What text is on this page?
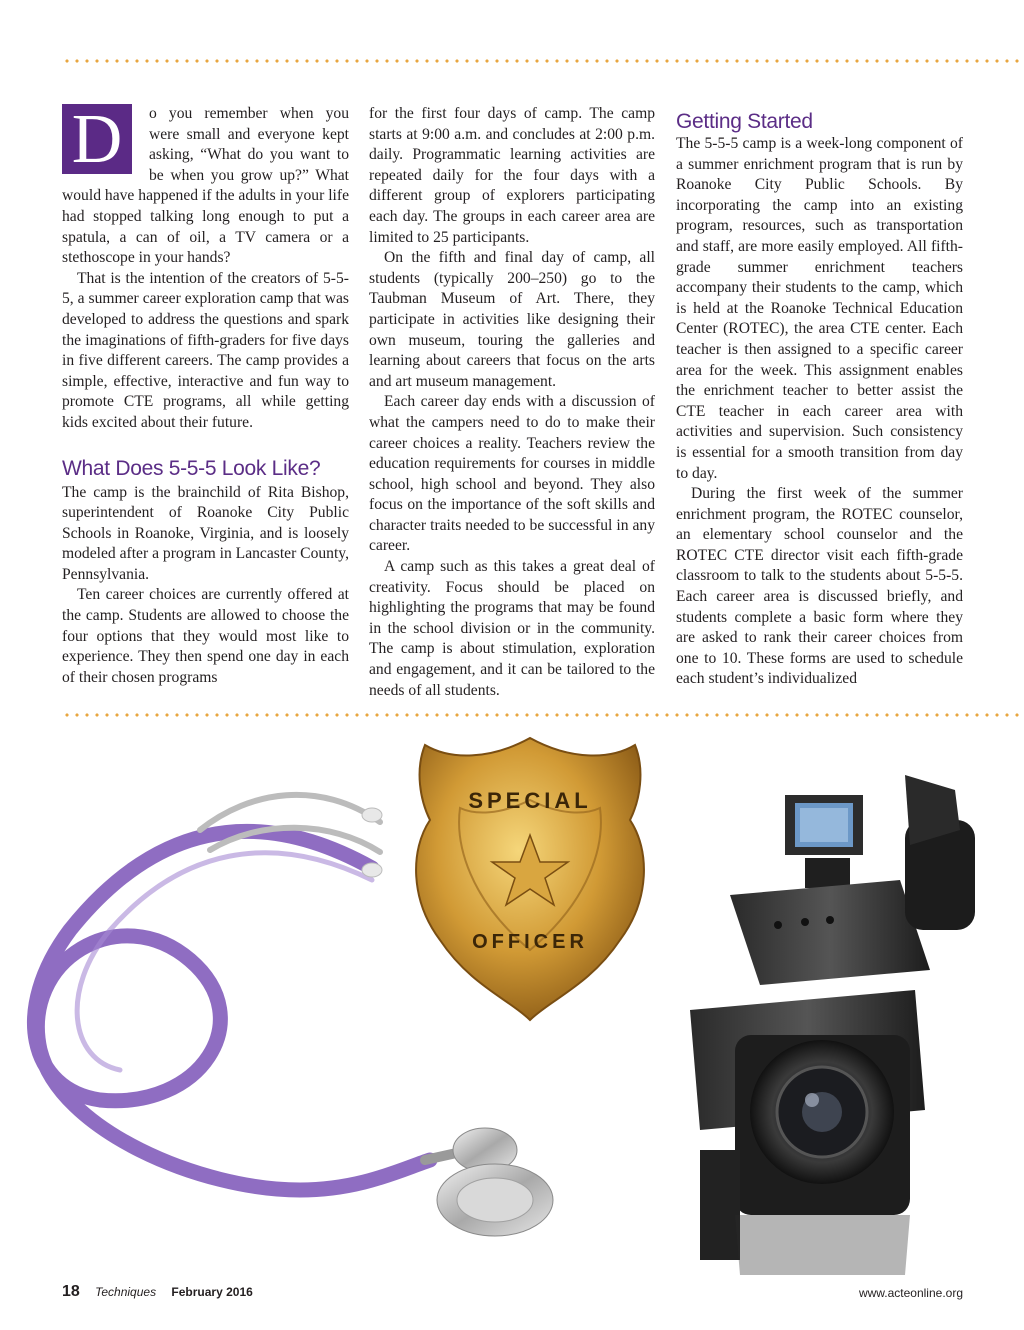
D	o you remember when you were small and everyone kept asking, “What do you want to be when you grow up?” What would have happened if the adults in your life had stopped talking long enough to put a spatula, a can of oil, a TV camera or a stethoscope in your hands?

That is the intention of the creators of 5-5-5, a summer career exploration camp that was developed to address the questions and spark the imaginations of fifth-graders for five days in five different careers. The camp provides a simple, effective, interactive and fun way to promote CTE programs, all while getting kids excited about their future.

What Does 5-5-5 Look Like?

The camp is the brainchild of Rita Bishop, superintendent of Roanoke City Public Schools in Roanoke, Virginia, and is loosely modeled after a program in Lancaster County, Pennsylvania.

Ten career choices are currently offered at the camp. Students are allowed to choose the four options that they would most like to experience. They then spend one day in each of their chosen programs

for the first four days of camp. The camp starts at 9:00 a.m. and concludes at 2:00 p.m. daily. Programmatic learning activities are repeated daily for the four days with a different group of explorers participating each day. The groups in each career area are limited to 25 participants.

On the fifth and final day of camp, all students (typically 200–250) go to the Taubman Museum of Art. There, they participate in activities like designing their own museum, touring the galleries and learning about careers that focus on the arts and art museum management.

Each career day ends with a discussion of what the campers need to do to make their career choices a reality. Teachers review the education requirements for courses in middle school, high school and beyond. They also focus on the importance of the soft skills and character traits needed to be successful in any career.

A camp such as this takes a great deal of creativity. Focus should be placed on highlighting the programs that may be found in the school division or in the community. The camp is about stimulation, exploration and engagement, and it can be tailored to the needs of all students.

Getting Started

The 5-5-5 camp is a week-long component of a summer enrichment program that is run by Roanoke City Public Schools. By incorporating the camp into an existing program, resources, such as transportation and staff, are more easily employed. All fifth-grade summer enrichment teachers accompany their students to the camp, which is held at the Roanoke Technical Education Center (ROTEC), the area CTE center. Each teacher is then assigned to a specific career area for the week. This assignment enables the enrichment teacher to better assist the CTE teacher in each career area with activities and supervision. Such consistency is essential for a smooth transition from day to day.

During the first week of the summer enrichment program, the ROTEC counselor, an elementary school counselor and the ROTEC CTE director visit each fifth-grade classroom to talk to the students about 5-5-5. Each career area is discussed briefly, and students complete a basic form where they are asked to rank their career choices from one to 10. These forms are used to schedule each student’s individualized

SPECIAL
OFFICER
18 Techniques February 2016	www.acteonline.org
